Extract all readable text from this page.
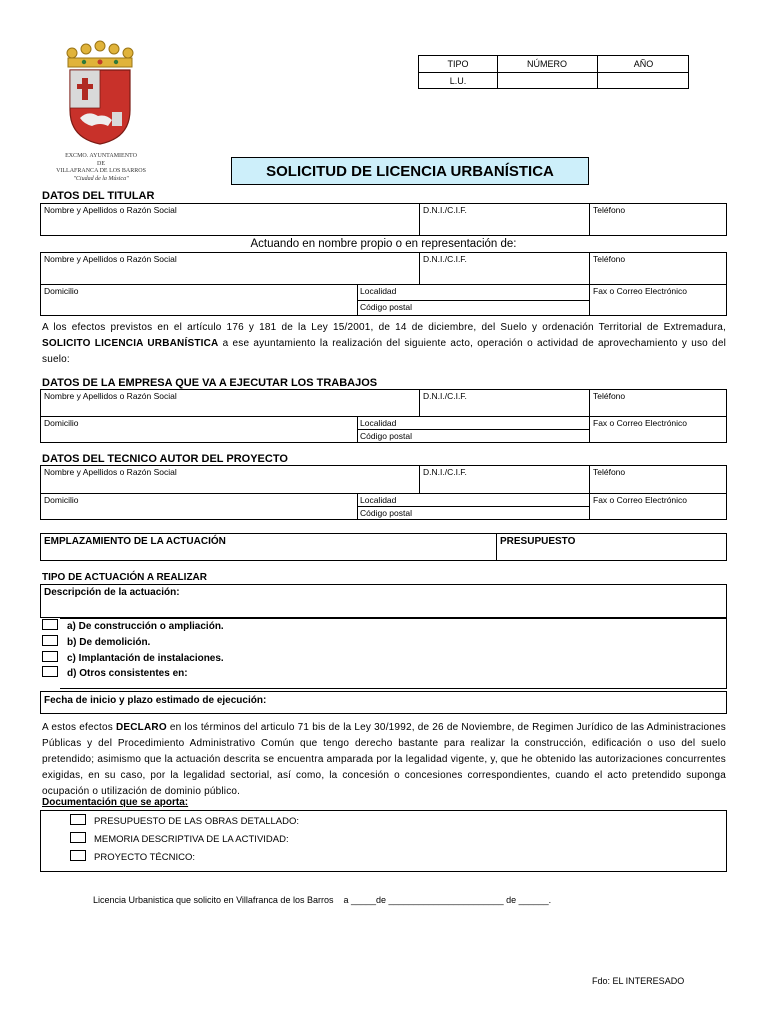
TIPO	NÚMERO	AÑO
L.U.
EXCMO. AYUNTAMIENTO
DE
VILLAFRANCA DE LOS BARROS
"Ciudad de la Música"	SOLICITUD DE LICENCIA URBANÍSTICA
DATOS DEL TITULAR
Nombre y Apellidos o Razón Social	D.N.I./C.I.F.	Teléfono
Actuando en nombre propio o en representación de:
Nombre y Apellidos o Razón Social	D.N.I./C.I.F.	Teléfono
Domicilio	Localidad	Fax o Correo Electrónico
Código postal
A los efectos previstos en el artículo 176 y 181 de la Ley 15/2001, de 14 de diciembre, del Suelo y ordenación Territorial de Extremadura, SOLICITO LICENCIA URBANÍSTICA a ese ayuntamiento la realización del siguiente acto, operación o actividad de aprovechamiento y uso del suelo:
DATOS DE LA EMPRESA QUE VA A EJECUTAR LOS TRABAJOS
Nombre y Apellidos o Razón Social	D.N.I./C.I.F.	Teléfono
Domicilio	Localidad	Fax o Correo Electrónico
Código postal
DATOS DEL TECNICO AUTOR DEL PROYECTO
Nombre y Apellidos o Razón Social	D.N.I./C.I.F.	Teléfono
Domicilio	Localidad	Fax o Correo Electrónico
Código postal
EMPLAZAMIENTO DE LA ACTUACIÓN	PRESUPUESTO
TIPO DE ACTUACIÓN A REALIZAR
Descripción de la actuación:
a) De construcción o ampliación.
b) De demolición.
c) Implantación de instalaciones.
d) Otros consistentes en:
Fecha de inicio y plazo estimado de ejecución:
A estos efectos DECLARO en los términos del articulo 71 bis de la Ley 30/1992, de 26 de Noviembre, de Regimen Jurídico de las Administraciones Públicas y del Procedimiento Administrativo Común que tengo derecho bastante para realizar la construcción, edificación o uso del suelo pretendido; asimismo que la actuación descrita se encuentra amparada por la legalidad vigente, y, que he obtenido las autorizaciones concurrentes exigidas, en su caso, por la legalidad sectorial, así como, la concesión o concesiones correspondientes, cuando el acto pretendido suponga ocupación o utilización de dominio público.
Documentación que se aporta:
PRESUPUESTO DE LAS OBRAS DETALLADO:
MEMORIA DESCRIPTIVA DE LA ACTIVIDAD:
PROYECTO TÉCNICO:
Licencia Urbanistica que solicito en Villafranca de los Barros    a _____de _______________________ de ______.
Fdo: EL INTERESADO
